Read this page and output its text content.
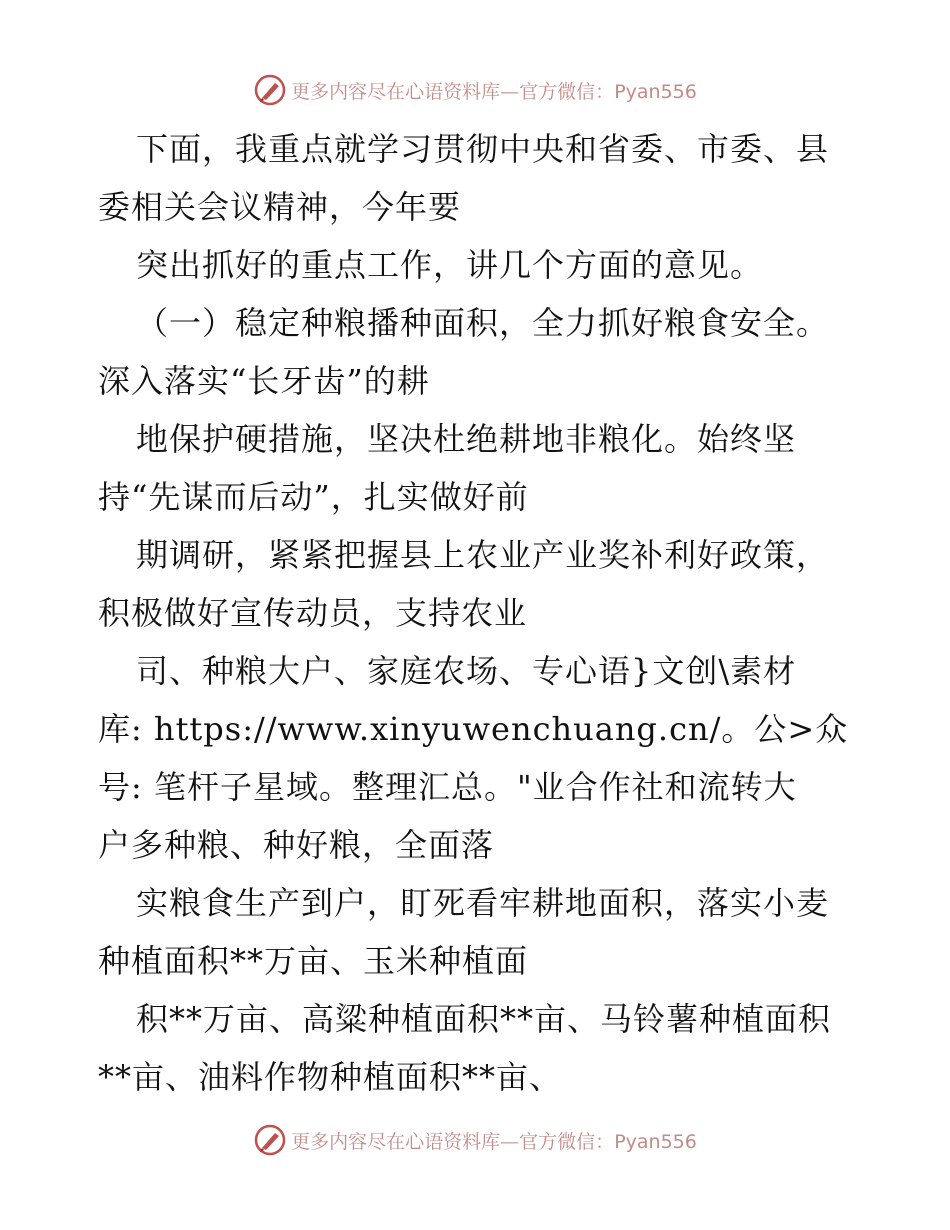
更多内容尽在心语资料库—官方微信：Pyan556
下面，我重点就学习贯彻中央和省委、市委、县
委相关会议精神，今年要
突出抓好的重点工作，讲几个方面的意见。
（一）稳定种粮播种面积，全力抓好粮食安全。
深入落实“长牙齿”的耕
地保护硬措施，坚决杜绝耕地非粮化。始终坚
持“先谋而后动”，扎实做好前
期调研，紧紧把握县上农业产业奖补利好政策，
积极做好宣传动员，支持农业
司、种粮大户、家庭农场、专心语}文创\素材
库: https://www.xinyuwenchuang.cn/。公>众
号: 笔杆子星域。整理汇总。"业合作社和流转大
户多种粮、种好粮，全面落
实粮食生产到户，盯死看牢耕地面积，落实小麦
种植面积**万亩、玉米种植面
积**万亩、高粱种植面积**亩、马铃薯种植面积
**亩、油料作物种植面积**亩、
更多内容尽在心语资料库—官方微信：Pyan556
